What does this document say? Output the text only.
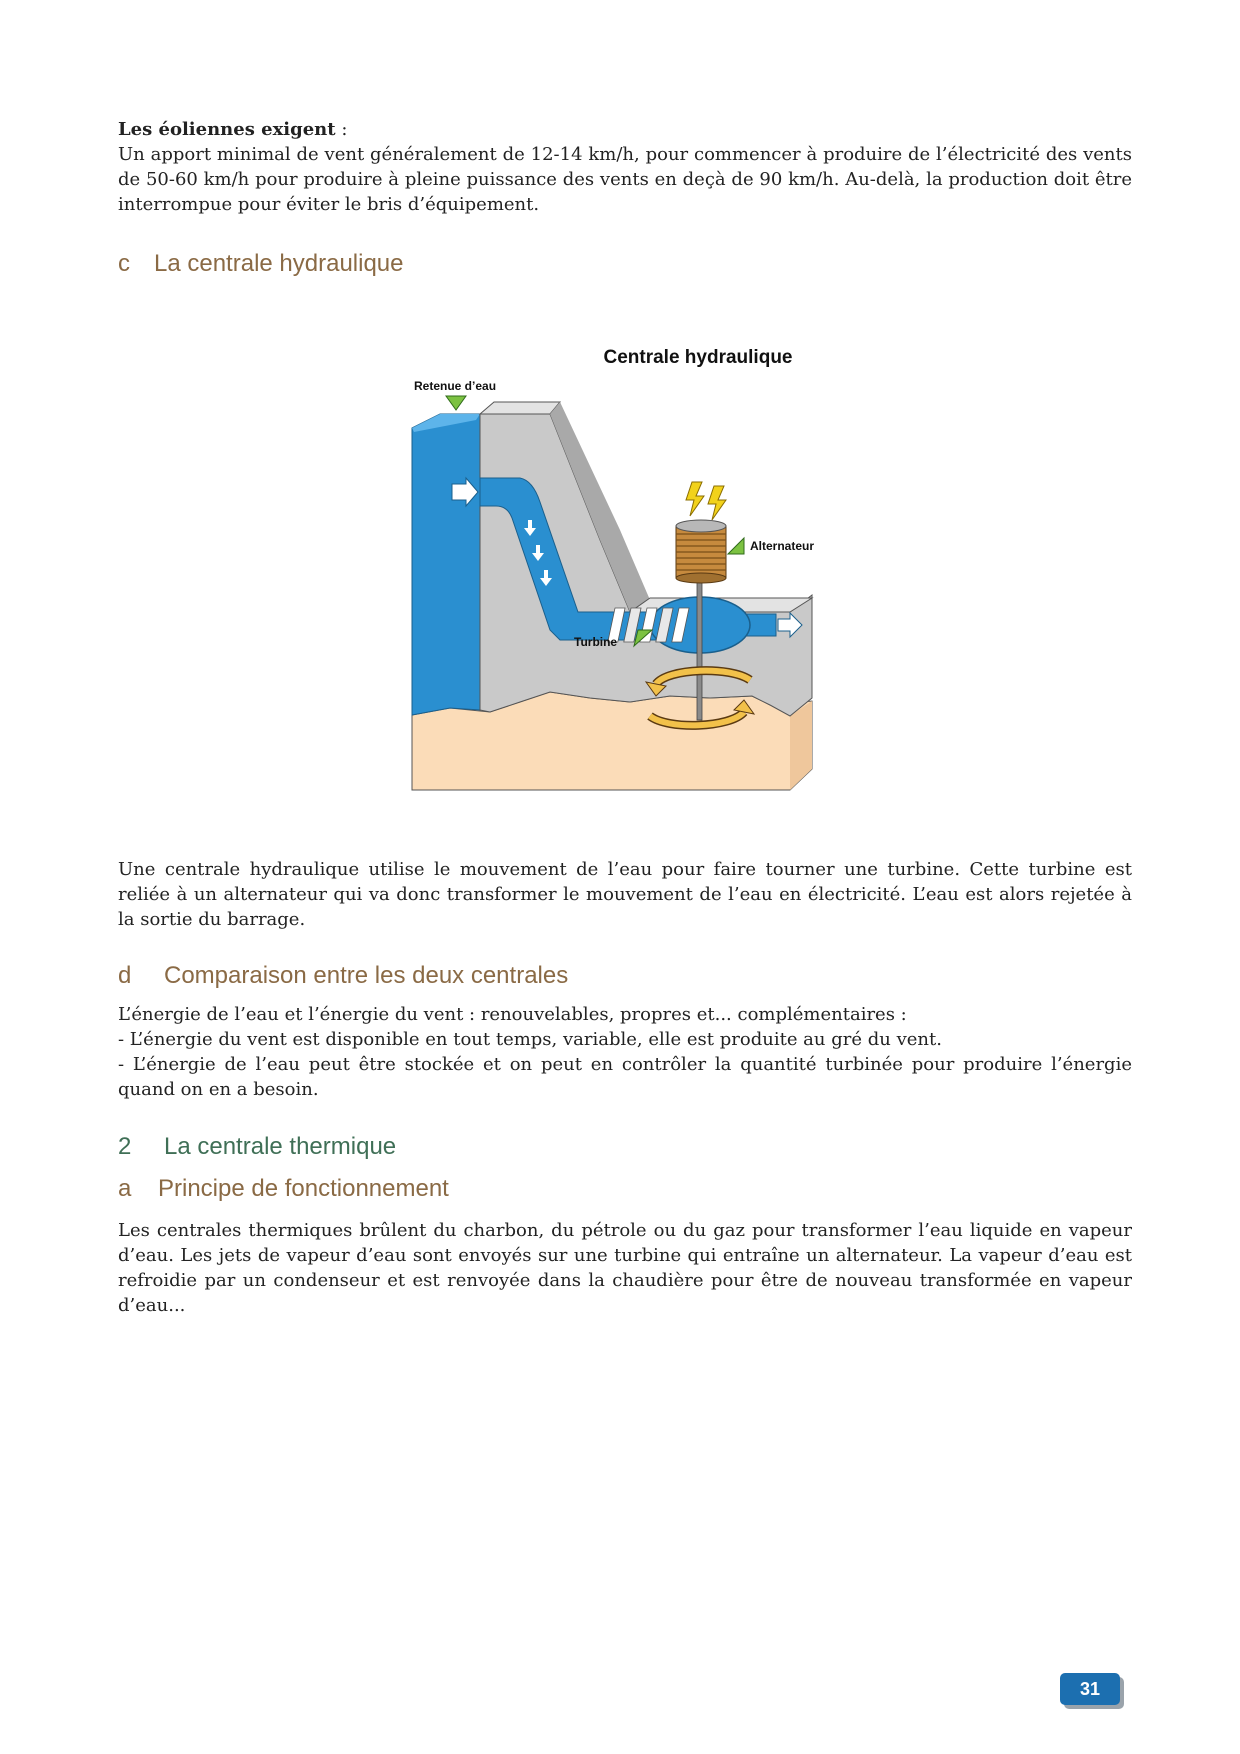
Les éoliennes exigent :
Un apport minimal de vent généralement de 12-14 km/h, pour commencer à produire de l’électricité des vents de 50-60 km/h pour produire à pleine puissance des vents en deçà de 90 km/h. Au-delà, la production doit être interrompue pour éviter le bris d’équipement.

c La centrale hydraulique
Centrale hydraulique
Retenue d’eau
Alternateur
Turbine

Une centrale hydraulique utilise le mouvement de l’eau pour faire tourner une turbine. Cette turbine est reliée à un alternateur qui va donc transformer le mouvement de l’eau en électricité. L’eau est alors rejetée à la sortie du barrage.

d Comparaison entre les deux centrales
L’énergie de l’eau et l’énergie du vent : renouvelables, propres et... complémentaires :
- L’énergie du vent est disponible en tout temps, variable, elle est produite au gré du vent.
- L’énergie de l’eau peut être stockée et on peut en contrôler la quantité turbinée pour produire l’énergie quand on en a besoin.
2 La centrale thermique
a Principe de fonctionnement

Les centrales thermiques brûlent du charbon, du pétrole ou du gaz pour transformer l’eau liquide en vapeur d’eau. Les jets de vapeur d’eau sont envoyés sur une turbine qui entraîne un alternateur. La vapeur d’eau est refroidie par un condenseur et est renvoyée dans la chaudière pour être de nouveau transformée en vapeur d’eau...

31
